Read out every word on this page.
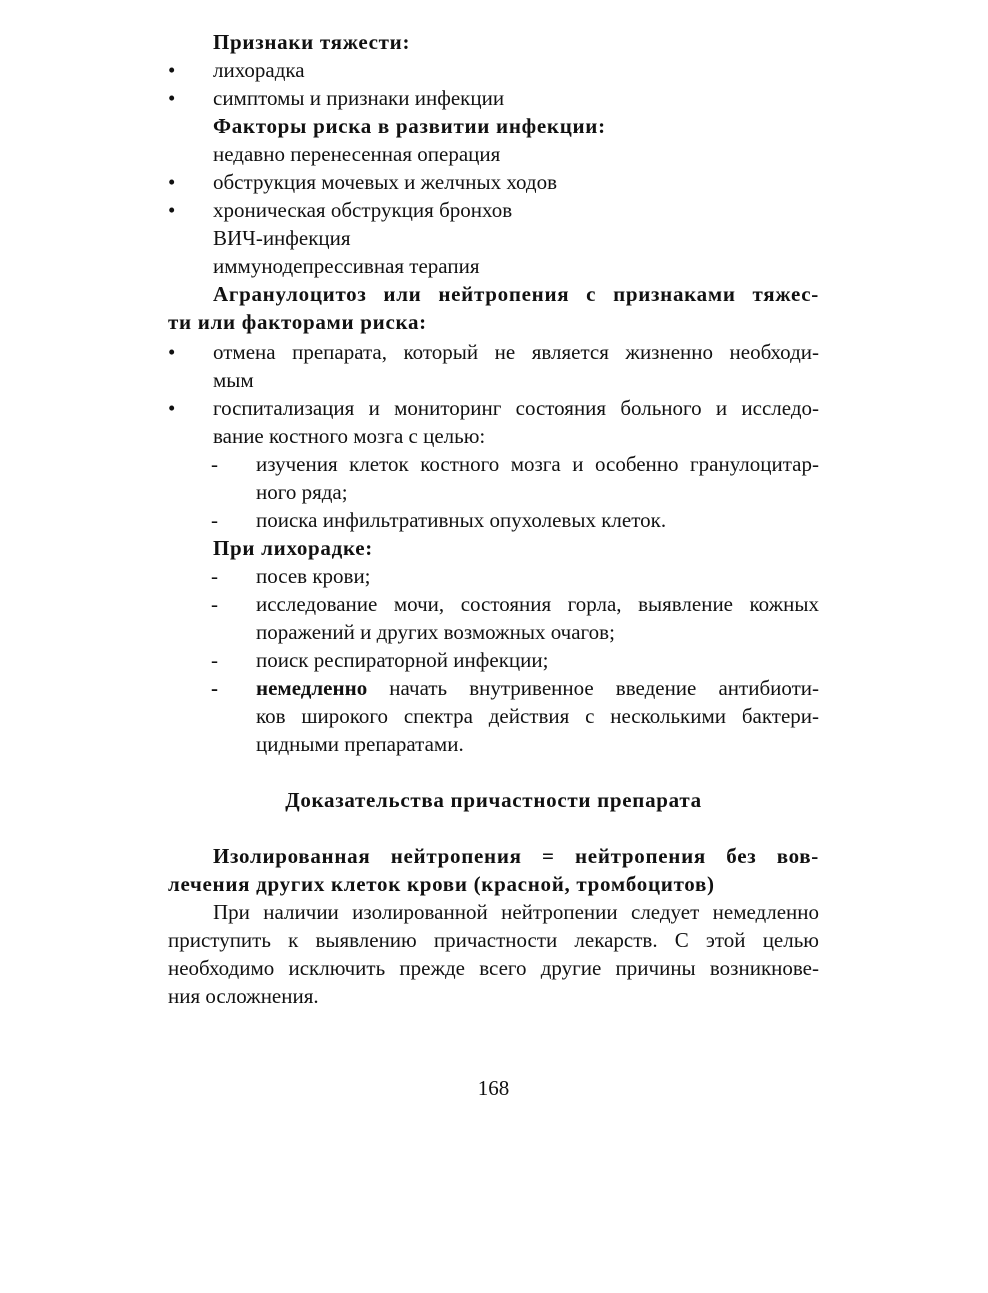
Признаки тяжести:
• лихорадка
• симптомы и признаки инфекции
Факторы риска в развитии инфекции:
недавно перенесенная операция
• обструкция мочевых и желчных ходов
• хроническая обструкция бронхов
ВИЧ-инфекция
иммунодепрессивная терапия
Агранулоцитоз или нейтропения с признаками тяжес-
ти или факторами риска:
• отмена препарата, который не является жизненно необходи-
мым
• госпитализация и мониторинг состояния больного и исследо-
вание костного мозга с целью:
- изучения клеток костного мозга и особенно гранулоцитар-
ного ряда;
- поиска инфильтративных опухолевых клеток.
При лихорадке:
- посев крови;
- исследование мочи, состояния горла, выявление кожных
поражений и других возможных очагов;
- поиск респираторной инфекции;
- немедленно начать внутривенное введение антибиоти-
ков широкого спектра действия с несколькими бактери-
цидными препаратами.
Доказательства причастности препарата
Изолированная нейтропения = нейтропения без вов-
лечения других клеток крови (красной, тромбоцитов)
При наличии изолированной нейтропении следует немедленно
приступить к выявлению причастности лекарств. С этой целью
необходимо исключить прежде всего другие причины возникнове-
ния осложнения.
168
